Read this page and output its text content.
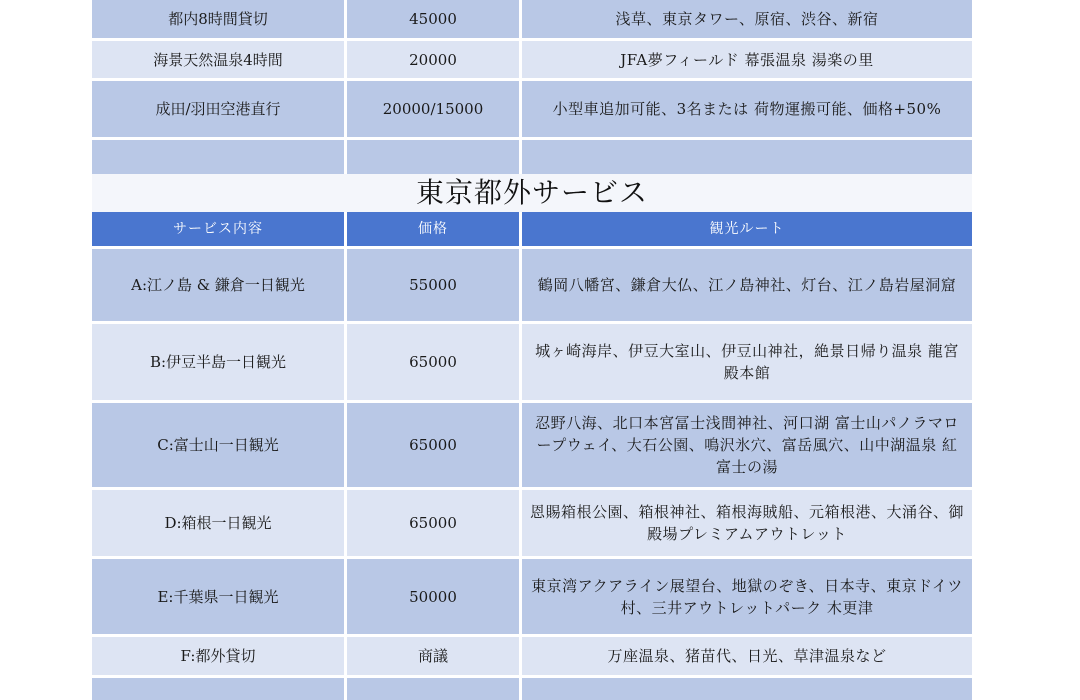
都内8時間貸切	45000	浅草、東京タワー、原宿、渋谷、新宿
海景天然温泉4時間	20000	JFA夢フィールド 幕張温泉 湯楽の里
成田/羽田空港直行	20000/15000	小型車追加可能、3名または 荷物運搬可能、価格+50%

東京都外サービス
サービス内容	価格	観光ルート
A:江ノ島 & 鎌倉一日観光	55000	鶴岡八幡宮、鎌倉大仏、江ノ島神社、灯台、江ノ島岩屋洞窟
B:伊豆半島一日観光	65000	城ヶ崎海岸、伊豆大室山、伊豆山神社，絶景日帰り温泉 龍宮殿本館
C:富士山一日観光	65000	忍野八海、北口本宮冨士浅間神社、河口湖 富士山パノラマロープウェイ、大石公園、鳴沢氷穴、富岳風穴、山中湖温泉 紅富士の湯
D:箱根一日観光	65000	恩賜箱根公園、箱根神社、箱根海賊船、元箱根港、大涌谷、御殿場プレミアムアウトレット
E:千葉県一日観光	50000	東京湾アクアライン展望台、地獄のぞき、日本寺、東京ドイツ村、三井アウトレットパーク 木更津
F:都外貸切	商議	万座温泉、猪苗代、日光、草津温泉など
